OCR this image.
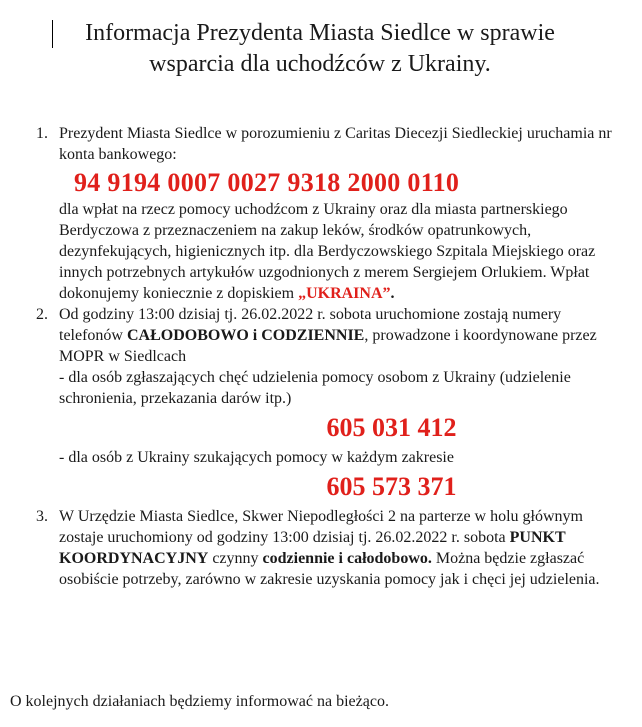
Informacja Prezydenta Miasta Siedlce w sprawie
wsparcia dla uchodźców z Ukrainy.
1. Prezydent Miasta Siedlce w porozumieniu z Caritas Diecezji Siedleckiej uruchamia nr konta bankowego:
94 9194 0007 0027 9318 2000 0110
dla wpłat na rzecz pomocy uchodźcom z Ukrainy oraz dla miasta partnerskiego Berdyczowa z przeznaczeniem na zakup leków, środków opatrunkowych, dezynfekujących, higienicznych itp. dla Berdyczowskiego Szpitala Miejskiego oraz innych potrzebnych artykułów uzgodnionych z merem Sergiejem Orlukiem. Wpłat dokonujemy koniecznie z dopiskiem „UKRAINA”.
2. Od godziny 13:00 dzisiaj tj. 26.02.2022 r. sobota uruchomione zostają numery telefonów CAŁODOBOWO i CODZIENNIE, prowadzone i koordynowane przez MOPR w Siedlcach
- dla osób zgłaszających chęć udzielenia pomocy osobom z Ukrainy (udzielenie schronienia, przekazania darów itp.)
605 031 412
- dla osób z Ukrainy szukających pomocy w każdym zakresie
605 573 371
3. W Urzędzie Miasta Siedlce, Skwer Niepodległości 2 na parterze w holu głównym zostaje uruchomiony od godziny 13:00 dzisiaj tj. 26.02.2022 r. sobota PUNKT KOORDYNACYJNY czynny codziennie i całodobowo. Można będzie zgłaszać osobiście potrzeby, zarówno w zakresie uzyskania pomocy jak i chęci jej udzielenia.
O kolejnych działaniach będziemy informować na bieżąco.
